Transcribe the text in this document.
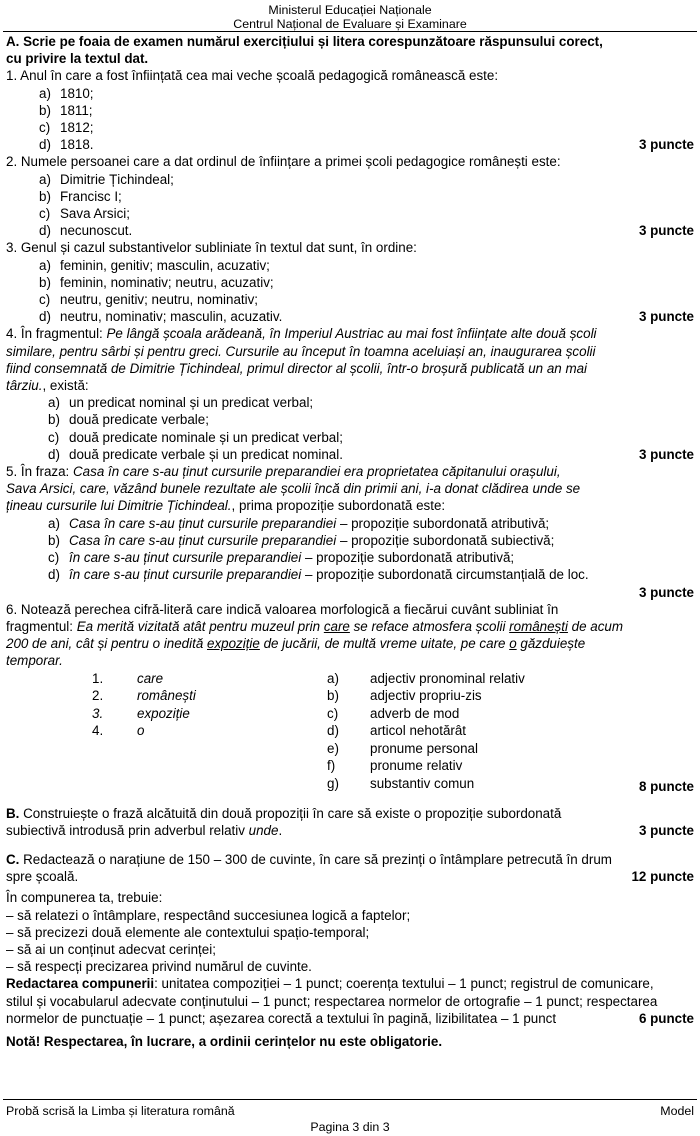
Ministerul Educației Naționale
Centrul Național de Evaluare și Examinare
A. Scrie pe foaia de examen numărul exercițiului și litera corespunzătoare răspunsului corect,
cu privire la textul dat.
1. Anul în care a fost înființată cea mai veche școală pedagogică românească este:
a) 1810;
b) 1811;
c) 1812;
d) 1818.	3 puncte
2. Numele persoanei care a dat ordinul de înființare a primei școli pedagogice românești este:
a) Dimitrie Țichindeal;
b) Francisc I;
c) Sava Arsici;
d) necunoscut.	3 puncte
3. Genul și cazul substantivelor subliniate în textul dat sunt, în ordine:
a) feminin, genitiv; masculin, acuzativ;
b) feminin, nominativ; neutru, acuzativ;
c) neutru, genitiv; neutru, nominativ;
d) neutru, nominativ; masculin, acuzativ.	3 puncte
4. În fragmentul: Pe lângă școala arădeană, în Imperiul Austriac au mai fost înființate alte două școli
similare, pentru sârbi și pentru greci. Cursurile au început în toamna aceluiași an, inaugurarea școlii
fiind consemnată de Dimitrie Țichindeal, primul director al școlii, într-o broșură publicată un an mai
târziu., există:
a) un predicat nominal și un predicat verbal;
b) două predicate verbale;
c) două predicate nominale și un predicat verbal;
d) două predicate verbale și un predicat nominal.	3 puncte
5. În fraza: Casa în care s-au ținut cursurile preparandiei era proprietatea căpitanului orașului,
Sava Arsici, care, văzând bunele rezultate ale școlii încă din primii ani, i-a donat clădirea unde se
țineau cursurile lui Dimitrie Țichindeal., prima propoziție subordonată este:
a) Casa în care s-au ținut cursurile preparandiei – propoziție subordonată atributivă;
b) Casa în care s-au ținut cursurile preparandiei – propoziție subordonată subiectivă;
c) în care s-au ținut cursurile preparandiei – propoziție subordonată atributivă;
d) în care s-au ținut cursurile preparandiei – propoziție subordonată circumstanțială de loc.
3 puncte
6. Notează perechea cifră-literă care indică valoarea morfologică a fiecărui cuvânt subliniat în
fragmentul: Ea merită vizitată atât pentru muzeul prin care se reface atmosfera școlii românești de acum
200 de ani, cât și pentru o inedită expoziție de jucării, de multă vreme uitate, pe care o găzduiește
temporar.
1.	care
2.	românești
3.	expoziție
4.	o
a) adjectiv pronominal relativ
b) adjectiv propriu-zis
c) adverb de mod
d) articol nehotărât
e) pronume personal
f)	pronume relativ
g) substantiv comun	8 puncte
B. Construiește o frază alcătuită din două propoziții în care să existe o propoziție subordonată
subiectivă introdusă prin adverbul relativ unde.	3 puncte
C. Redactează o narațiune de 150 – 300 de cuvinte, în care să prezinți o întâmplare petrecută în drum
spre școală.	12 puncte
În compunerea ta, trebuie:
– să relatezi o întâmplare, respectând succesiunea logică a faptelor;
– să precizezi două elemente ale contextului spațio-temporal;
– să ai un conținut adecvat cerinței;
– să respecți precizarea privind numărul de cuvinte.
Redactarea compunerii: unitatea compoziției – 1 punct; coerența textului – 1 punct; registrul de comunicare,
stilul și vocabularul adecvate conținutului – 1 punct; respectarea normelor de ortografie – 1 punct; respectarea
normelor de punctuație – 1 punct; așezarea corectă a textului în pagină, lizibilitatea – 1 punct	6 puncte
Notă! Respectarea, în lucrare, a ordinii cerințelor nu este obligatorie.
Probă scrisă la Limba și literatura română	Model
Pagina 3 din 3
